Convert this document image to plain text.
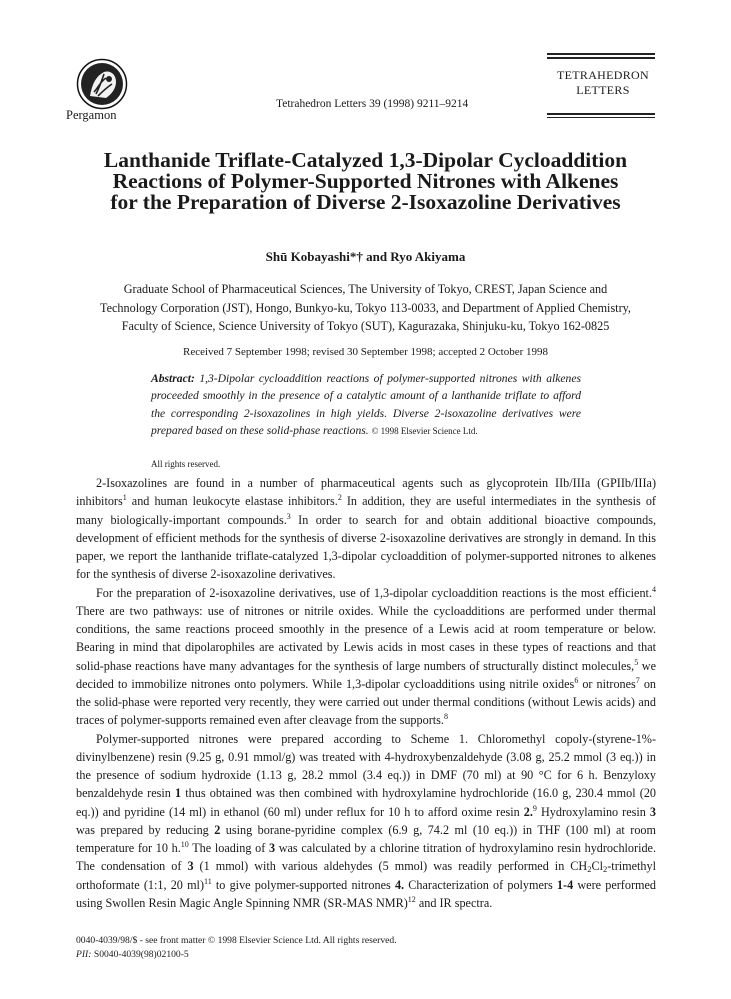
Pergamon
Tetrahedron Letters 39 (1998) 9211–9214
TETRAHEDRON
LETTERS
Lanthanide Triflate-Catalyzed 1,3-Dipolar Cycloaddition
Reactions of Polymer-Supported Nitrones with Alkenes
for the Preparation of Diverse 2-Isoxazoline Derivatives
Shū Kobayashi*† and Ryo Akiyama
Graduate School of Pharmaceutical Sciences, The University of Tokyo, CREST, Japan Science and
Technology Corporation (JST), Hongo, Bunkyo-ku, Tokyo 113-0033, and Department of Applied Chemistry,
Faculty of Science, Science University of Tokyo (SUT), Kagurazaka, Shinjuku-ku, Tokyo 162-0825
Received 7 September 1998; revised 30 September 1998; accepted 2 October 1998
Abstract: 1,3-Dipolar cycloaddition reactions of polymer-supported nitrones with alkenes proceeded smoothly in the presence of a catalytic amount of a lanthanide triflate to afford the corresponding 2-isoxazolines in high yields. Diverse 2-isoxazoline derivatives were prepared based on these solid-phase reactions. © 1998 Elsevier Science Ltd.
All rights reserved.

2-Isoxazolines are found in a number of pharmaceutical agents such as glycoprotein IIb/IIIa (GPIIb/IIIa) inhibitors$^1$ and human leukocyte elastase inhibitors.$^2$ In addition, they are useful intermediates in the synthesis of many biologically-important compounds.$^3$ In order to search for and obtain additional bioactive compounds, development of efficient methods for the synthesis of diverse 2-isoxazoline derivatives are strongly in demand. In this paper, we report the lanthanide triflate-catalyzed 1,3-dipolar cycloaddition of polymer-supported nitrones to alkenes for the synthesis of diverse 2-isoxazoline derivatives.

For the preparation of 2-isoxazoline derivatives, use of 1,3-dipolar cycloaddition reactions is the most efficient.$^4$ There are two pathways: use of nitrones or nitrile oxides. While the cycloadditions are performed under thermal conditions, the same reactions proceed smoothly in the presence of a Lewis acid at room temperature or below. Bearing in mind that dipolarophiles are activated by Lewis acids in most cases in these types of reactions and that solid-phase reactions have many advantages for the synthesis of large numbers of structurally distinct molecules,$^5$ we decided to immobilize nitrones onto polymers. While 1,3-dipolar cycloadditions using nitrile oxides$^6$ or nitrones$^7$ on the solid-phase were reported very recently, they were carried out under thermal conditions (without Lewis acids) and traces of polymer-supports remained even after cleavage from the supports.$^8$

Polymer-supported nitrones were prepared according to Scheme 1. Chloromethyl copoly-(styrene-1%-divinylbenzene) resin (9.25 g, 0.91 mmol/g) was treated with 4-hydroxybenzaldehyde (3.08 g, 25.2 mmol (3 eq.)) in the presence of sodium hydroxide (1.13 g, 28.2 mmol (3.4 eq.)) in DMF (70 ml) at 90 °C for 6 h. Benzyloxy benzaldehyde resin 1 thus obtained was then combined with hydroxylamine hydrochloride (16.0 g, 230.4 mmol (20 eq.)) and pyridine (14 ml) in ethanol (60 ml) under reflux for 10 h to afford oxime resin 2.$^9$ Hydroxylamino resin 3 was prepared by reducing 2 using borane-pyridine complex (6.9 g, 74.2 ml (10 eq.)) in THF (100 ml) at room temperature for 10 h.$^{10}$ The loading of 3 was calculated by a chlorine titration of hydroxylamino resin hydrochloride. The condensation of 3 (1 mmol) with various aldehydes (5 mmol) was readily performed in $CH_2Cl_2$-trimethyl orthoformate (1:1, 20 ml)$^{11}$ to give polymer-supported nitrones 4. Characterization of polymers 1-4 were performed using Swollen Resin Magic Angle Spinning NMR (SR-MAS NMR)$^{12}$ and IR spectra.

0040-4039/98/$ - see front matter © 1998 Elsevier Science Ltd. All rights reserved.
PII: S0040-4039(98)02100-5
